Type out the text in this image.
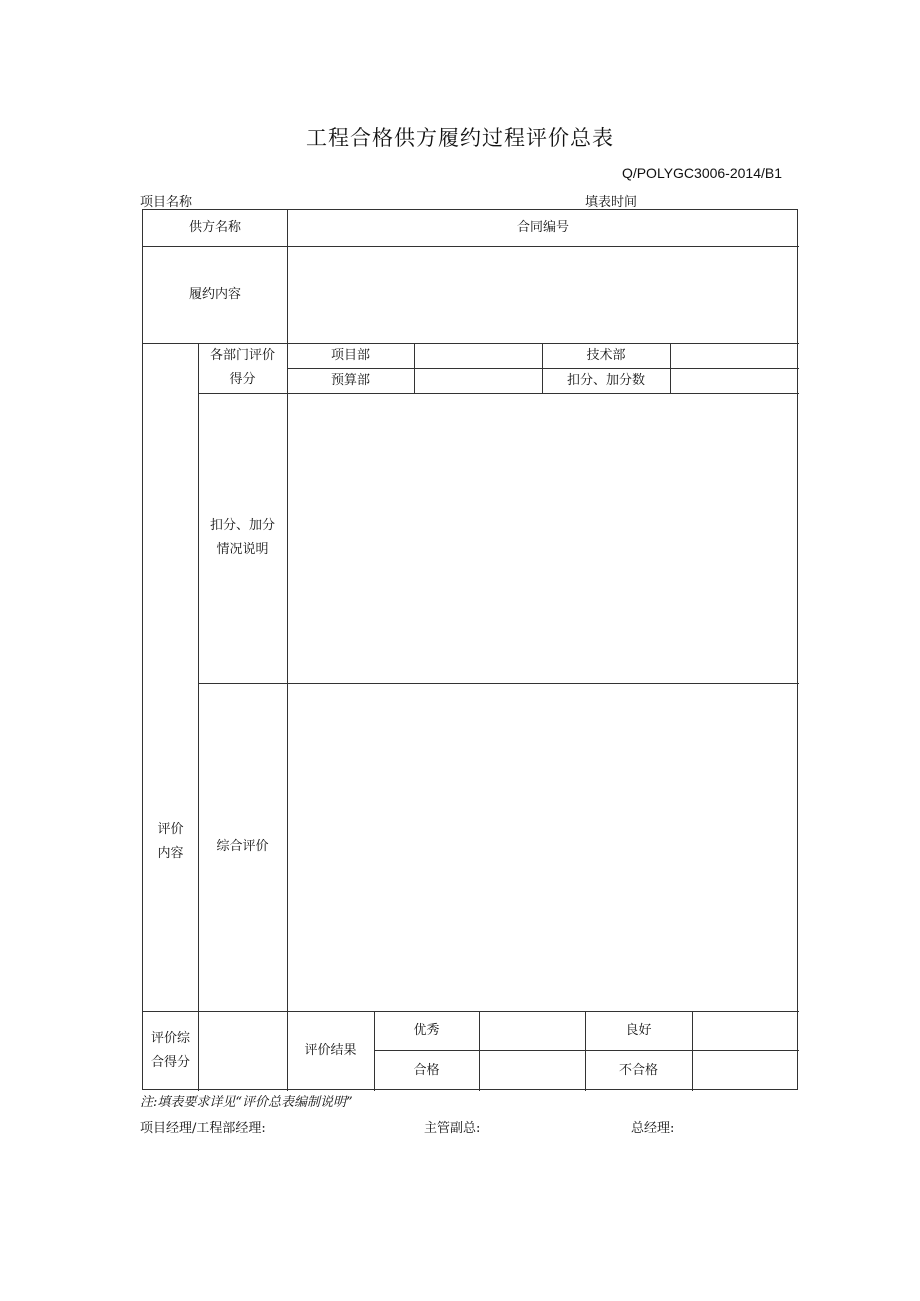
工程合格供方履约过程评价总表
Q/POLYGC3006-2014/B1
项目名称	填表时间
供方名称	合同编号
履约内容
评价
内容
各部门评价
得分
项目部	技术部
预算部	扣分、加分数
扣分、加分
情况说明
综合评价
评价综
合得分
评价结果
优秀	良好
合格	不合格
注:填表要求详见“评价总表编制说明”
项目经理/工程部经理:	主管副总:	总经理:
